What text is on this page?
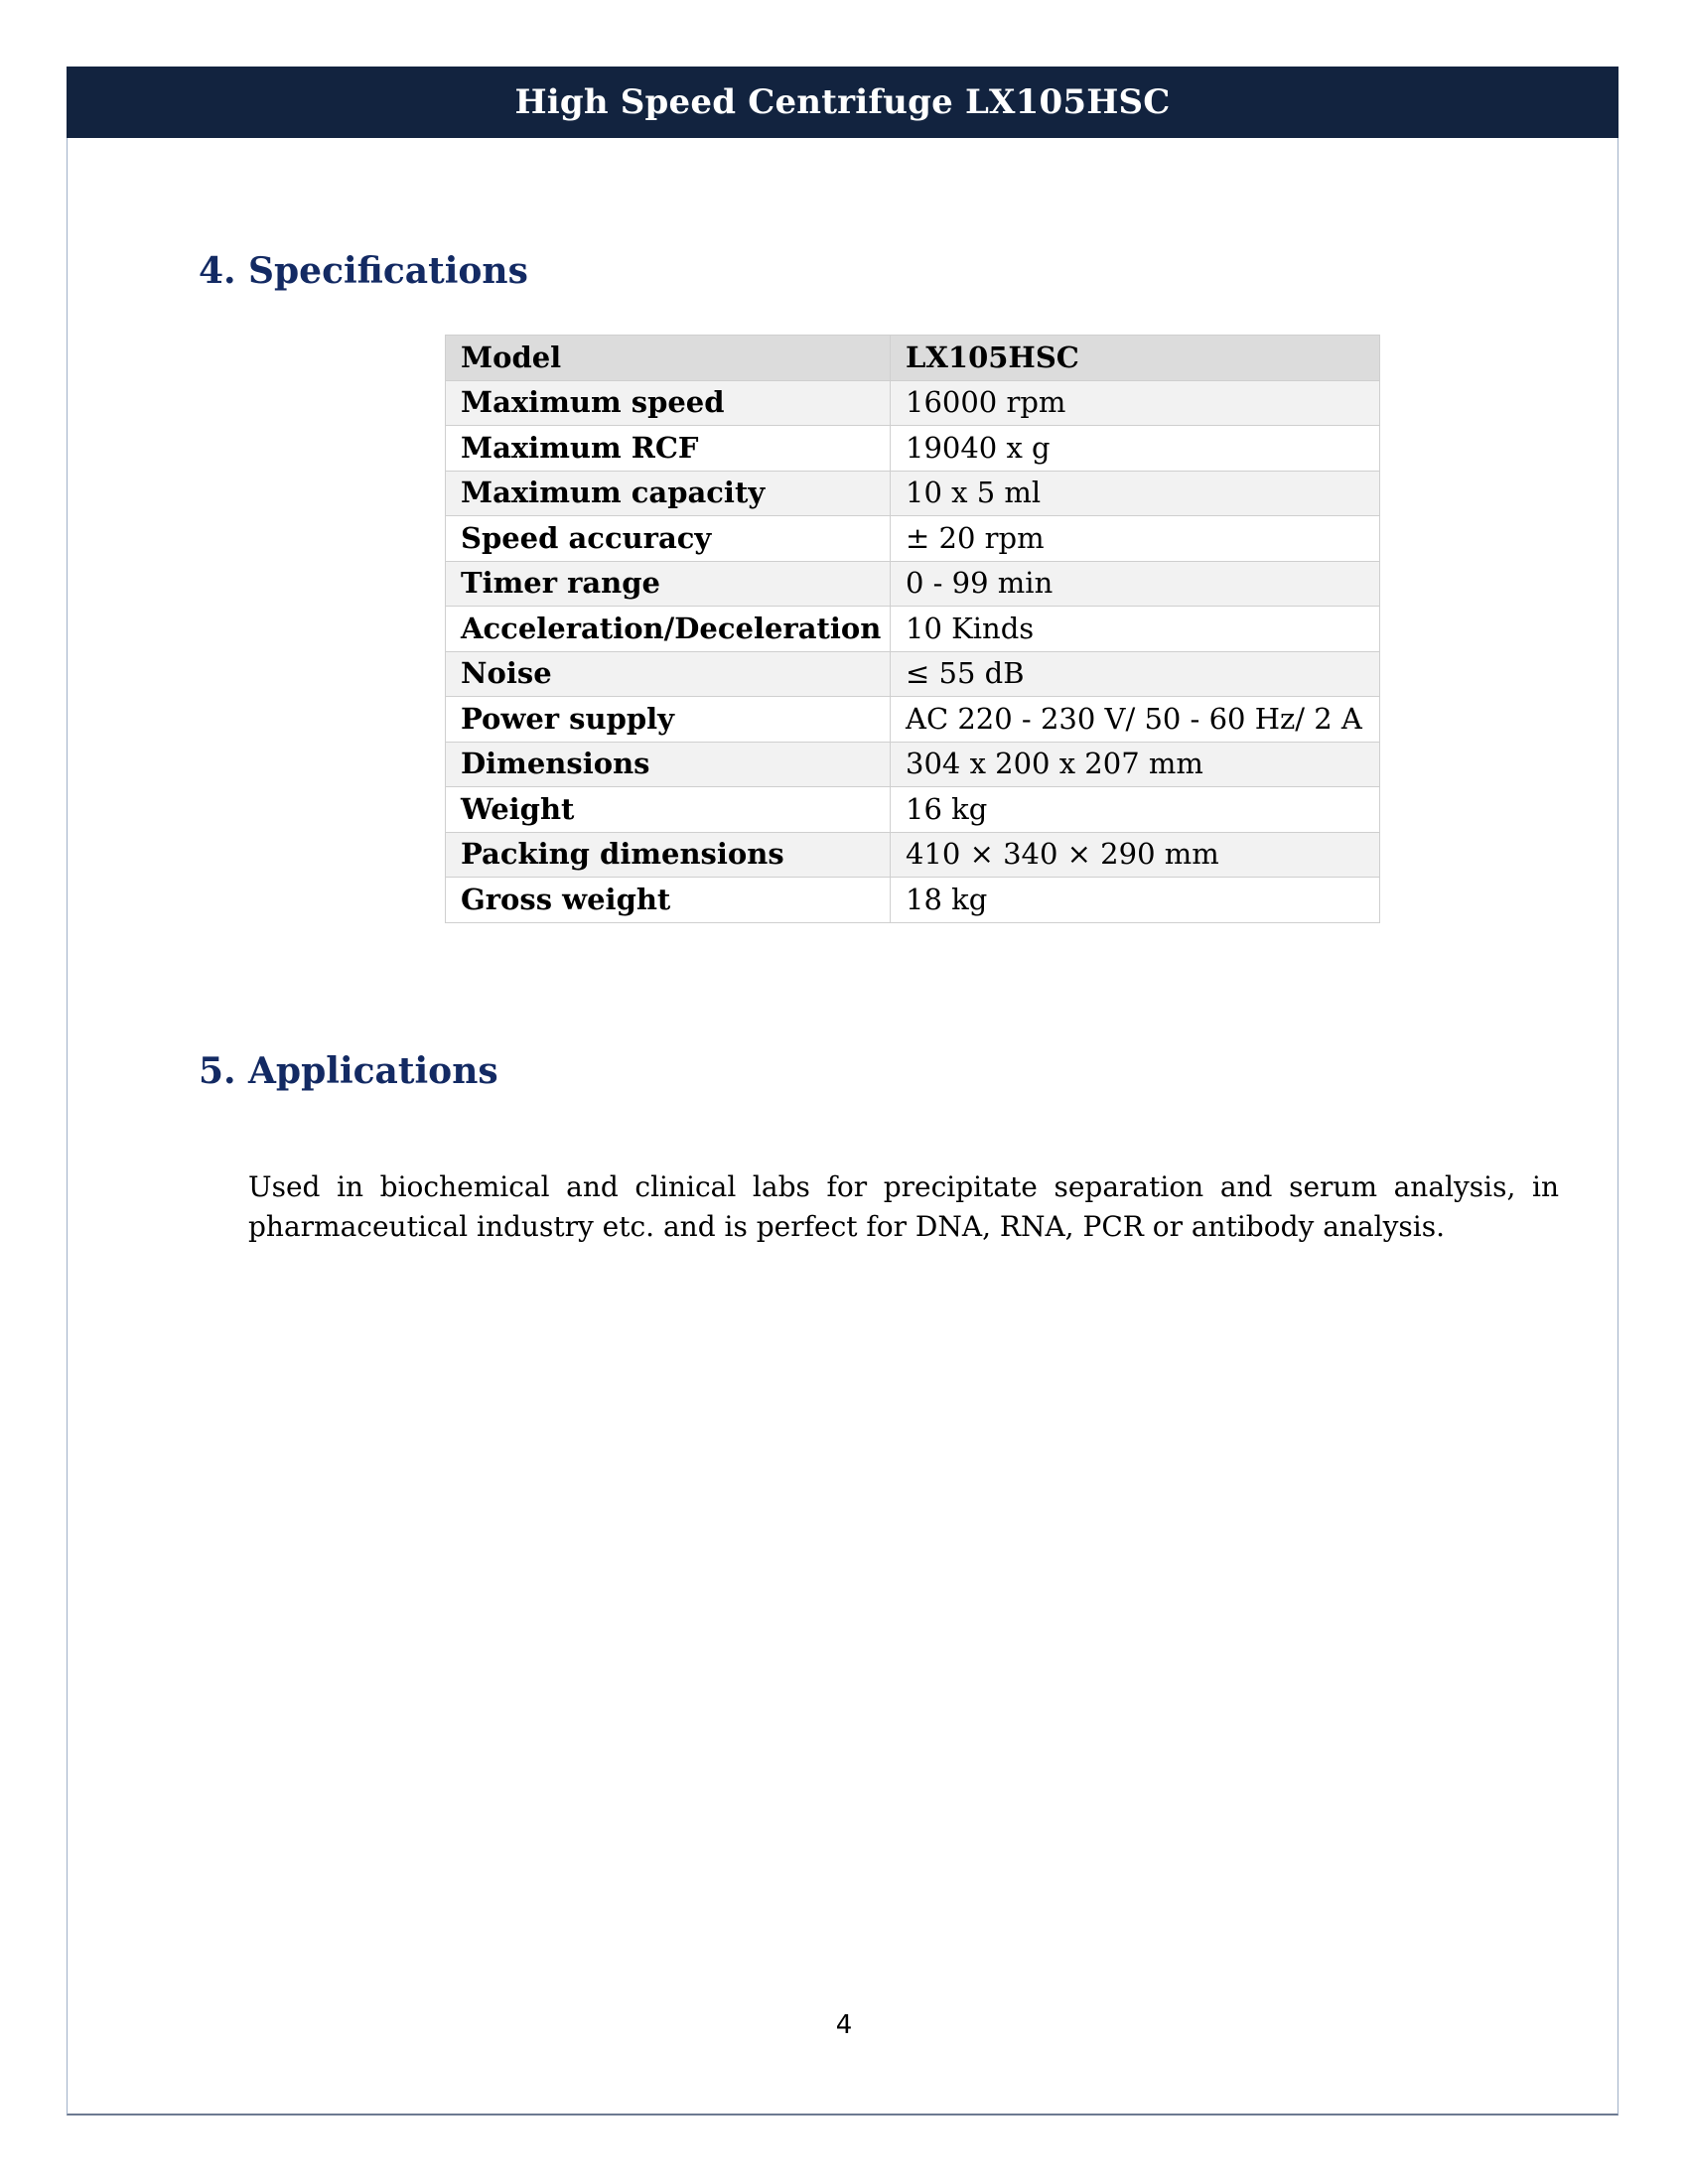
High Speed Centrifuge LX105HSC
4. Specifications
Model	LX105HSC
Maximum speed	16000 rpm
Maximum RCF	19040 x g
Maximum capacity	10 x 5 ml
Speed accuracy	± 20 rpm
Timer range	0 - 99 min
Acceleration/Deceleration	10 Kinds
Noise	≤ 55 dB
Power supply	AC 220 - 230 V/ 50 - 60 Hz/ 2 A
Dimensions	304 x 200 x 207 mm
Weight	16 kg
Packing dimensions	410 × 340 × 290 mm
Gross weight	18 kg
5. Applications

Used in biochemical and clinical labs for precipitate separation and serum analysis, in pharmaceutical industry etc. and is perfect for DNA, RNA, PCR or antibody analysis.

4
